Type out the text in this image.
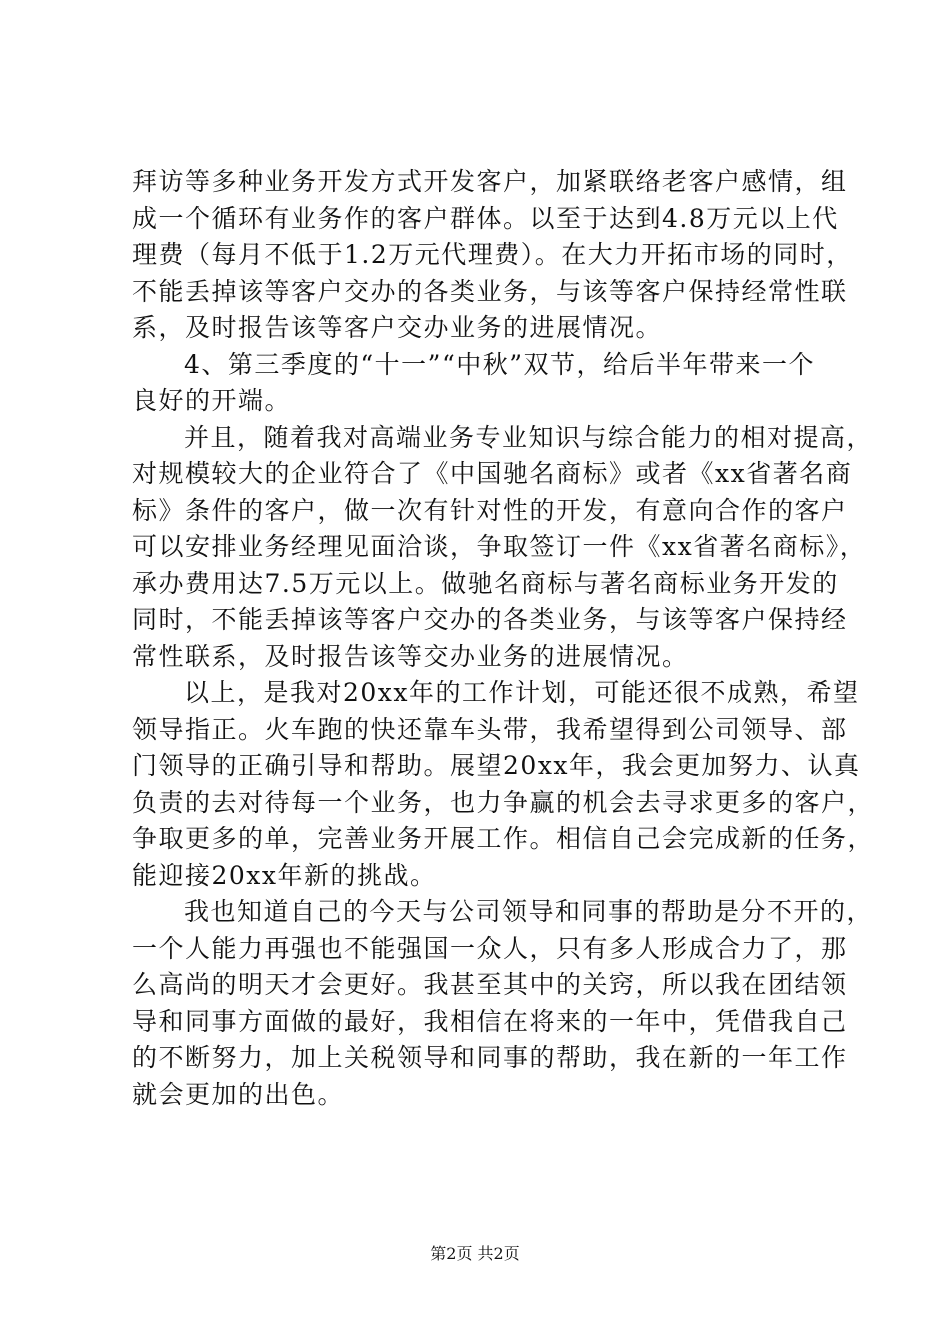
拜访等多种业务开发方式开发客户，加紧联络老客户感情，组
成一个循环有业务作的客户群体。以至于达到4.8万元以上代
理费（每月不低于1.2万元代理费）。在大力开拓市场的同时，
不能丢掉该等客户交办的各类业务，与该等客户保持经常性联
系，及时报告该等客户交办业务的进展情况。
4、第三季度的“十一”“中秋”双节，给后半年带来一个
良好的开端。
并且，随着我对高端业务专业知识与综合能力的相对提高，
对规模较大的企业符合了《中国驰名商标》或者《xx省著名商
标》条件的客户，做一次有针对性的开发，有意向合作的客户
可以安排业务经理见面洽谈，争取签订一件《xx省著名商标》，
承办费用达7.5万元以上。做驰名商标与著名商标业务开发的
同时，不能丢掉该等客户交办的各类业务，与该等客户保持经
常性联系，及时报告该等交办业务的进展情况。
以上，是我对20xx年的工作计划，可能还很不成熟，希望
领导指正。火车跑的快还靠车头带，我希望得到公司领导、部
门领导的正确引导和帮助。展望20xx年，我会更加努力、认真
负责的去对待每一个业务，也力争赢的机会去寻求更多的客户，
争取更多的单，完善业务开展工作。相信自己会完成新的任务，
能迎接20xx年新的挑战。
我也知道自己的今天与公司领导和同事的帮助是分不开的，
一个人能力再强也不能强国一众人，只有多人形成合力了，那
么高尚的明天才会更好。我甚至其中的关窍，所以我在团结领
导和同事方面做的最好，我相信在将来的一年中，凭借我自己
的不断努力，加上关税领导和同事的帮助，我在新的一年工作
就会更加的出色。
第2页 共2页
